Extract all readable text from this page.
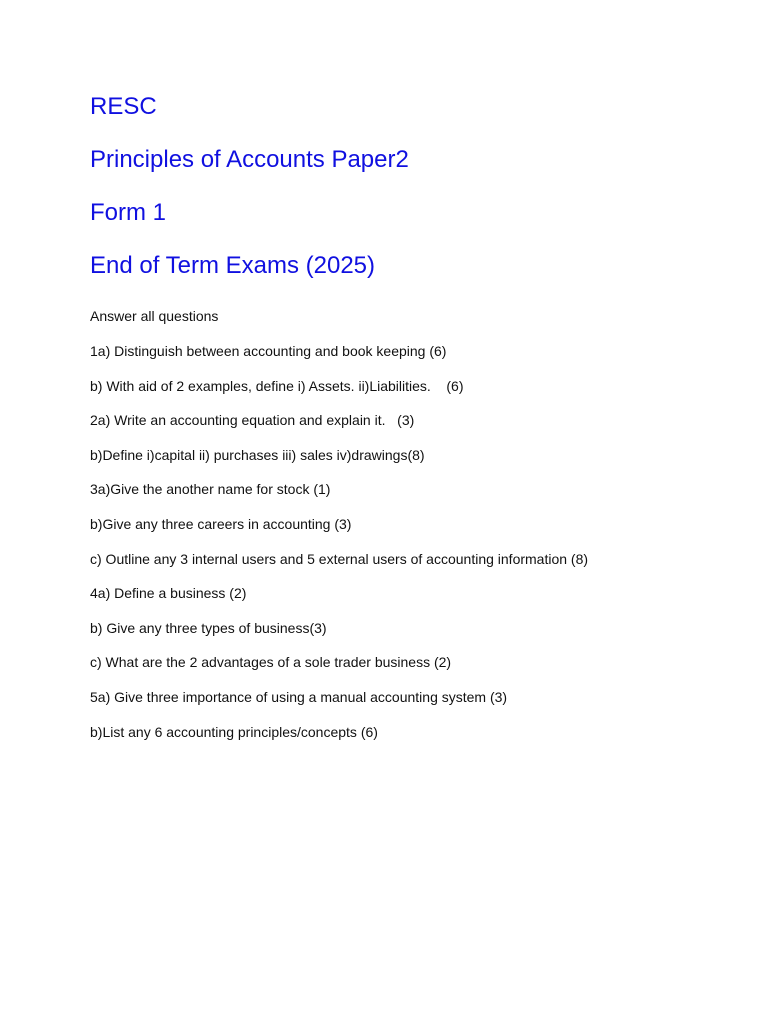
RESC
Principles of Accounts Paper2
Form 1
End of Term Exams (2025)

Answer all questions

1a) Distinguish between accounting and book keeping (6)

b) With aid of 2 examples, define i) Assets. ii)Liabilities.    (6)

2a) Write an accounting equation and explain it.   (3)

b)Define i)capital ii) purchases iii) sales iv)drawings(8)

3a)Give the another name for stock (1)

b)Give any three careers in accounting (3)

c) Outline any 3 internal users and 5 external users of accounting information (8)

4a) Define a business (2)

b) Give any three types of business(3)

c) What are the 2 advantages of a sole trader business (2)

5a) Give three importance of using a manual accounting system (3)

b)List any 6 accounting principles/concepts (6)
